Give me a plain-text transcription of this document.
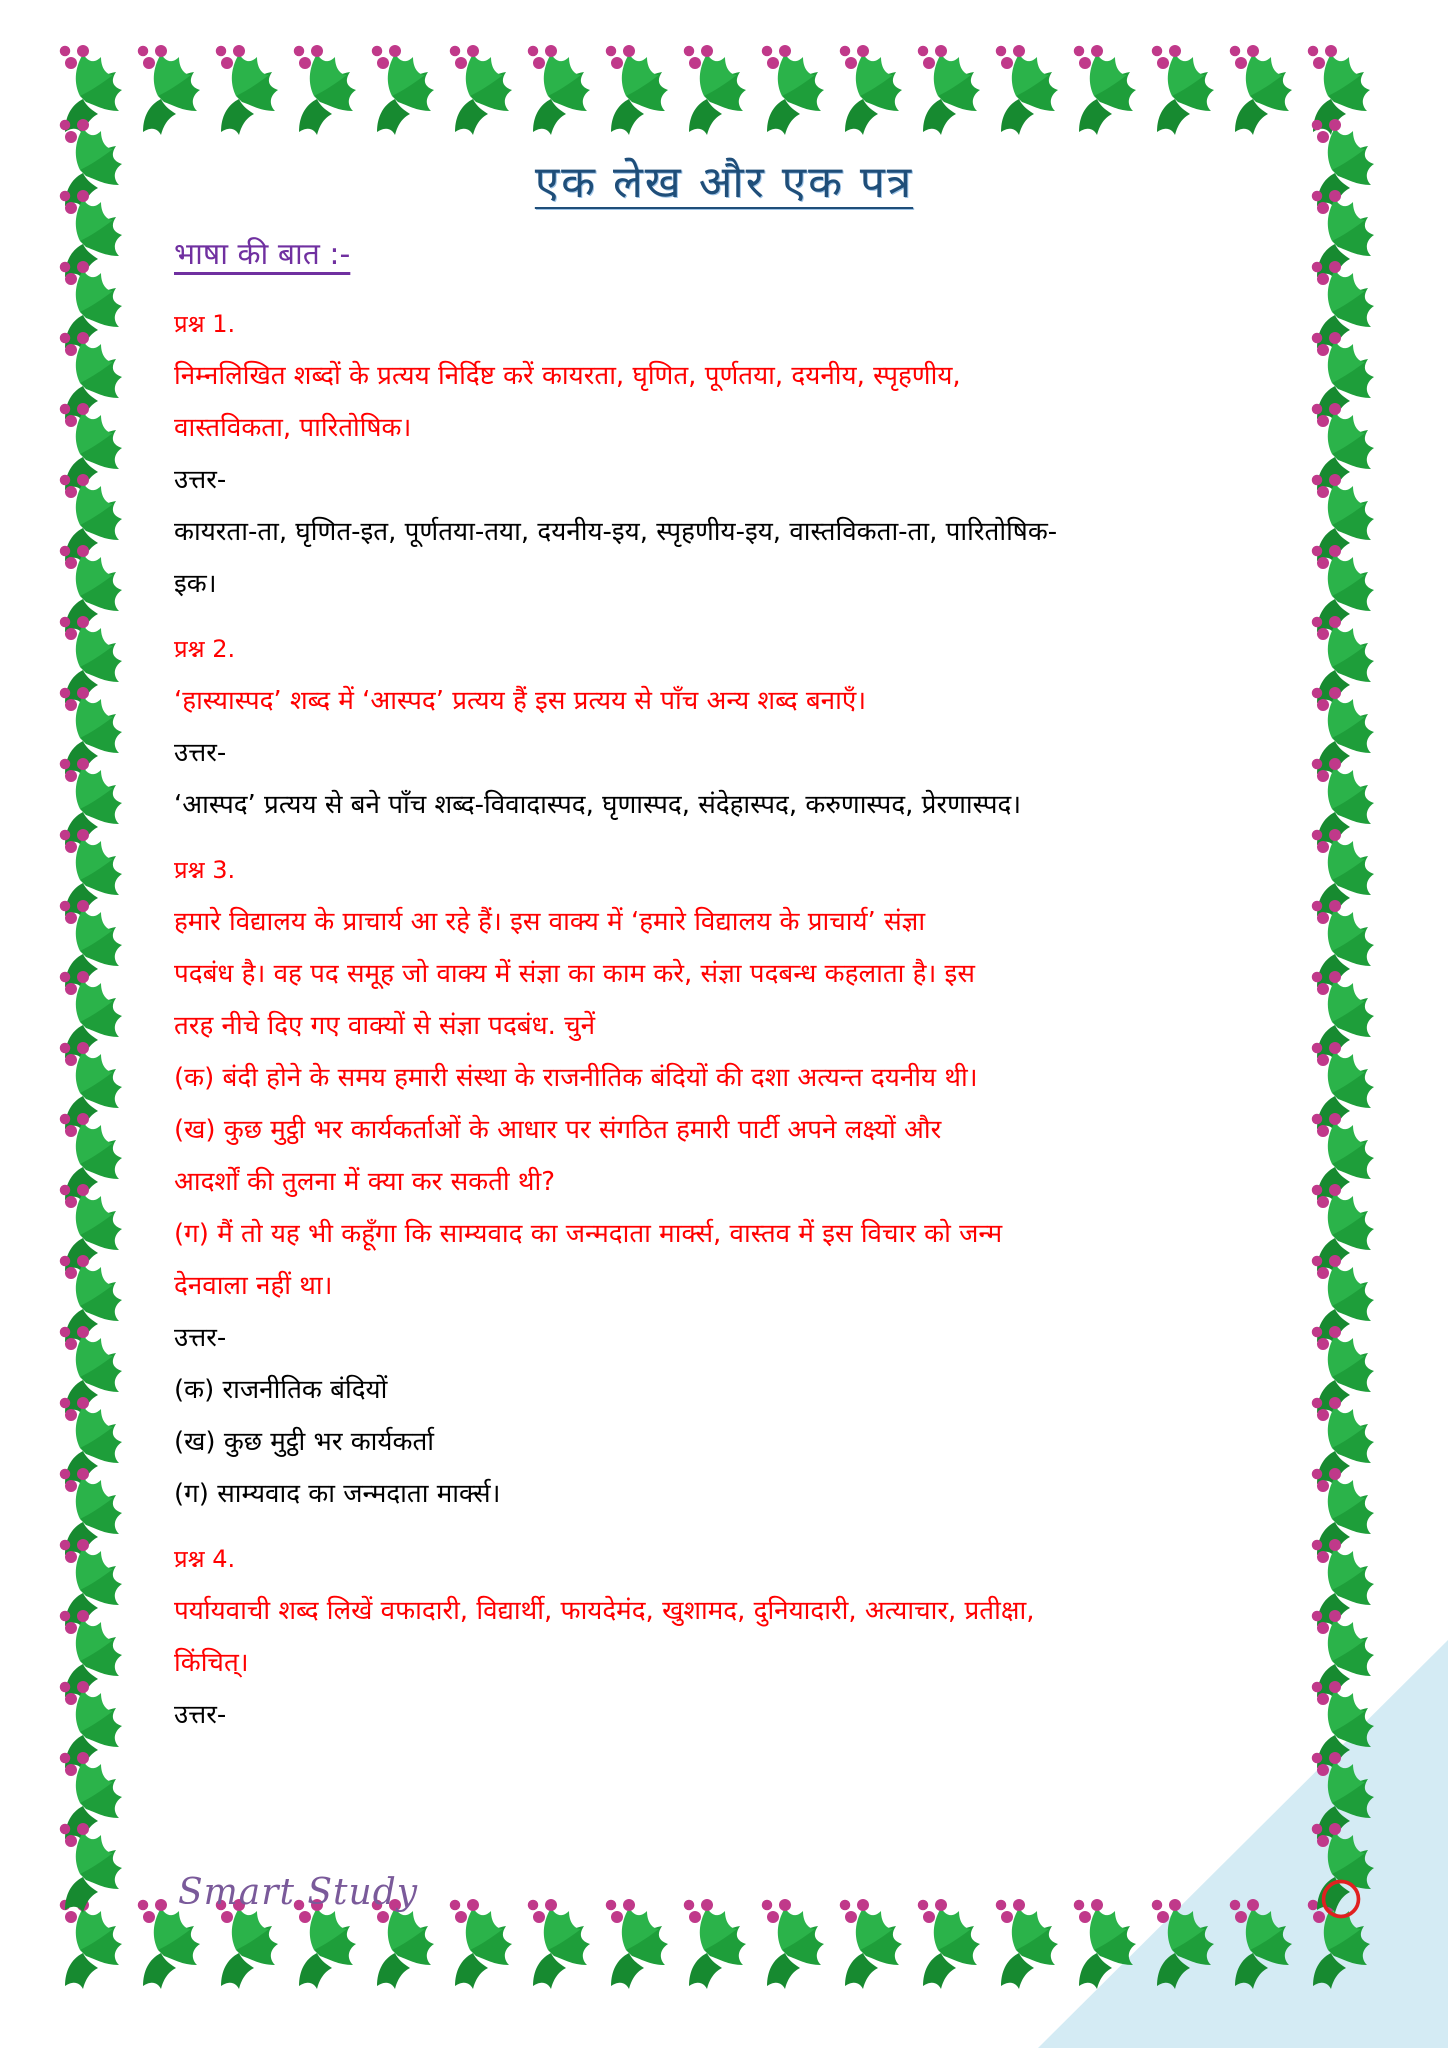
एक लेख और एक पत्र
भाषा की बात :-
प्रश्न 1.

निम्नलिखित शब्दों के प्रत्यय निर्दिष्ट करें कायरता, घृणित, पूर्णतया, दयनीय, स्पृहणीय,

वास्तविकता, पारितोषिक।

उत्तर-

कायरता-ता, घृणित-इत, पूर्णतया-तया, दयनीय-इय, स्पृहणीय-इय, वास्तविकता-ता, पारितोषिक-

इक।

प्रश्न 2.

‘हास्यास्पद’ शब्द में ‘आस्पद’ प्रत्यय हैं इस प्रत्यय से पाँच अन्य शब्द बनाएँ।

उत्तर-

‘आस्पद’ प्रत्यय से बने पाँच शब्द-विवादास्पद, घृणास्पद, संदेहास्पद, करुणास्पद, प्रेरणास्पद।

प्रश्न 3.

हमारे विद्यालय के प्राचार्य आ रहे हैं। इस वाक्य में ‘हमारे विद्यालय के प्राचार्य’ संज्ञा

पदबंध है। वह पद समूह जो वाक्य में संज्ञा का काम करे, संज्ञा पदबन्ध कहलाता है। इस

तरह नीचे दिए गए वाक्यों से संज्ञा पदबंध. चुनें

(क) बंदी होने के समय हमारी संस्था के राजनीतिक बंदियों की दशा अत्यन्त दयनीय थी।

(ख) कुछ मुट्ठी भर कार्यकर्ताओं के आधार पर संगठित हमारी पार्टी अपने लक्ष्यों और

आदर्शों की तुलना में क्या कर सकती थी?

(ग) मैं तो यह भी कहूँगा कि साम्यवाद का जन्मदाता मार्क्स, वास्तव में इस विचार को जन्म

देनवाला नहीं था।

उत्तर-

(क) राजनीतिक बंदियों

(ख) कुछ मुट्ठी भर कार्यकर्ता

(ग) साम्यवाद का जन्मदाता मार्क्स।

प्रश्न 4.

पर्यायवाची शब्द लिखें वफादारी, विद्यार्थी, फायदेमंद, खुशामद, दुनियादारी, अत्याचार, प्रतीक्षा,

किंचित्।

उत्तर-

Smart Study
